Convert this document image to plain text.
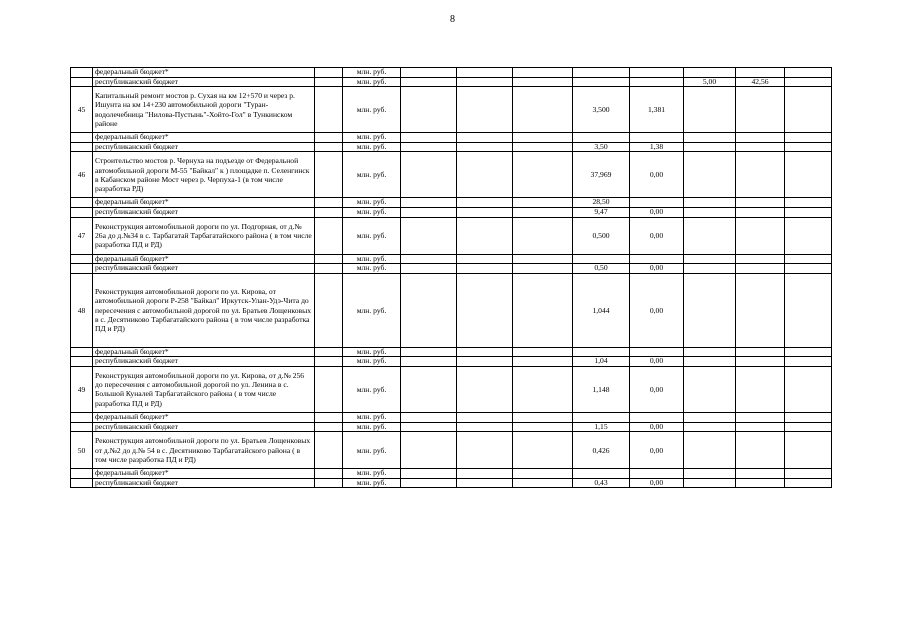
8
	федеральный бюджет*		млн. руб.								
	республиканский бюджет		млн. руб.						5,00	42,56	
45	Капитальный ремонт мостов р. Сухая на км 12+570 и через р. Ишунта на км 14+230 автомобильной дороги "Туран-водолечебница "Нилова-Пустынь"-Хойто-Гол" в Тункинском районе		млн. руб.				3,500	1,381			
	федеральный бюджет*		млн. руб.								
	республиканский бюджет		млн. руб.				3,50	1,38			
46	Строительство мостов р. Чернуха на подъезде от Федеральной автомобильной дороги М-55 "Байкал" к ) площадке п. Селенгинск в Кабанском районе Мост через р. Черпуха-1 (в том числе разработка РД)		млн. руб.				37,969	0,00			
	федеральный бюджет*		млн. руб.				28,50				
	республиканский бюджет		млн. руб.				9,47	0,00			
47	Реконструкция автомобильной дороги по ул. Подгорная, от д.№ 26а до д.№34 в с. Тарбагатай Тарбагатайского района ( в том числе разработка ПД и РД)		млн. руб.				0,500	0,00			
	федеральный бюджет*		млн. руб.								
	республиканский бюджет		млн. руб.				0,50	0,00			
48	Реконструкция автомобильной дороги по ул. Кирова, от автомобильной дороги Р-258 "Байкал" Иркутск-Улан-Удэ-Чита до пересечения с автомобильной дорогой по ул. Братьев Лощенковых в с. Десятниково Тарбагатайского района ( в том числе разработка ПД и РД)		млн. руб.				1,044	0,00			
	федеральный бюджет*		млн. руб.								
	республиканский бюджет		млн. руб.				1,04	0,00			
49	Реконструкция автомобильной дороги по ул. Кирова, от д.№ 256 до пересечения с автомобильной дорогой по ул. Ленина в с. Большой Куналей Тарбагатайского района ( в том числе разработка ПД и РД)		млн. руб.				1,148	0,00			
	федеральный бюджет*		млн. руб.								
	республиканский бюджет		млн. руб.				1,15	0,00			
50	Реконструкция автомобильной дороги по ул. Братьев Лощенковых от д.№2 до д.№ 54 в с. Десятниково Тарбагатайского района ( в том числе разработка ПД и РД)		млн. руб.				0,426	0,00			
	федеральный бюджет*		млн. руб.								
	республиканский бюджет		млн. руб.				0,43	0,00			
